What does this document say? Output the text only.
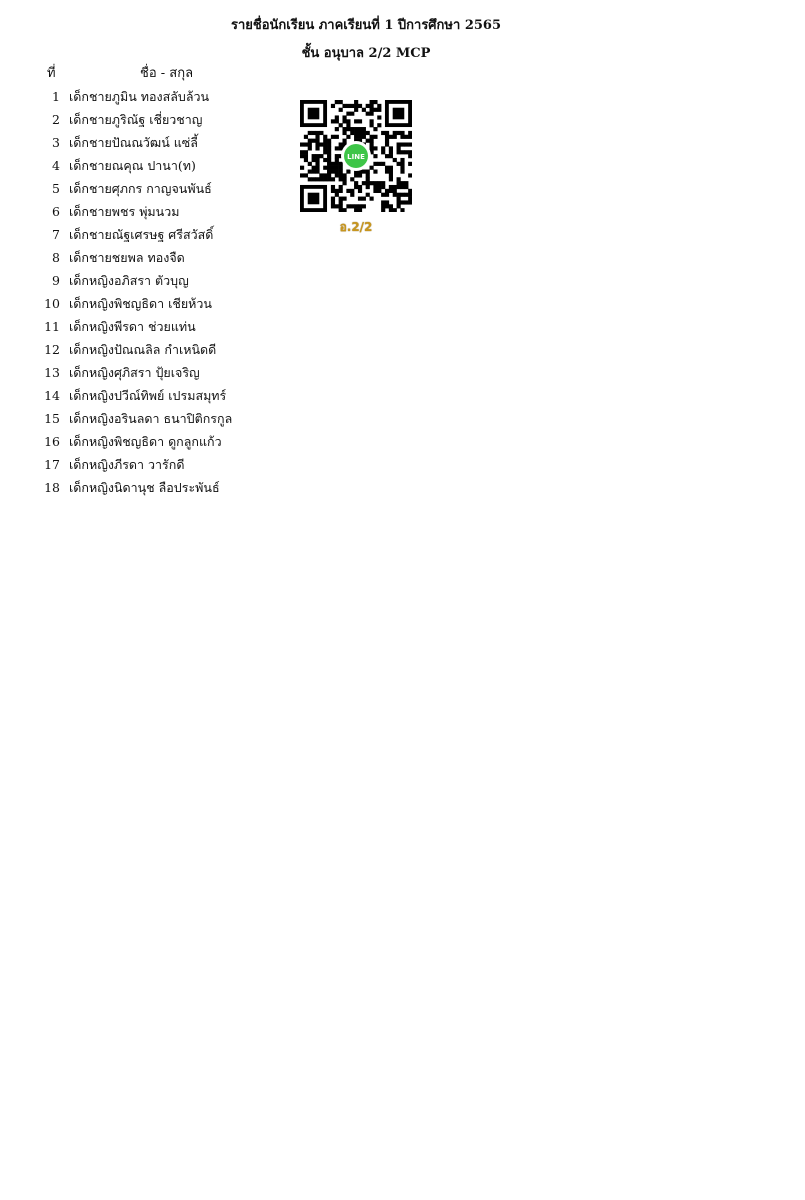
รายชื่อนักเรียน ภาคเรียนที่ 1 ปีการศึกษา 2565
ชั้น อนุบาล 2/2 MCP
ที่	ชื่อ - สกุล
1 เด็กชายภูมิน ทองสลับล้วน
2 เด็กชายภูริณัฐ เชี่ยวชาญ
3 เด็กชายปัณณวัฒน์ แซ่ลี้
4 เด็กชายณคุณ ปานา(ท)
5 เด็กชายศุภกร กาญจนพันธ์
6 เด็กชายพชร พุ่มนวม
7 เด็กชายณัฐเศรษฐ ศรีสวัสดิ์
8 เด็กชายชยพล ทองจืด
9 เด็กหญิงอภิสรา ตัวบุญ
10 เด็กหญิงพิชญธิดา เชียห้วน
11 เด็กหญิงพีรดา ช่วยแท่น
12 เด็กหญิงปัณณลิล กำเหนิดดี
13 เด็กหญิงศุภิสรา ปุ้ยเจริญ
14 เด็กหญิงปวีณ์ทิพย์ เปรมสมุทร์
15 เด็กหญิงอรินลดา ธนาปิติกรกูล
16 เด็กหญิงพิชญธิดา ดูกลูกแก้ว
17 เด็กหญิงภีรดา วารักดี
18 เด็กหญิงนิดานุช ลือประพันธ์
LINE
อ.2/2
